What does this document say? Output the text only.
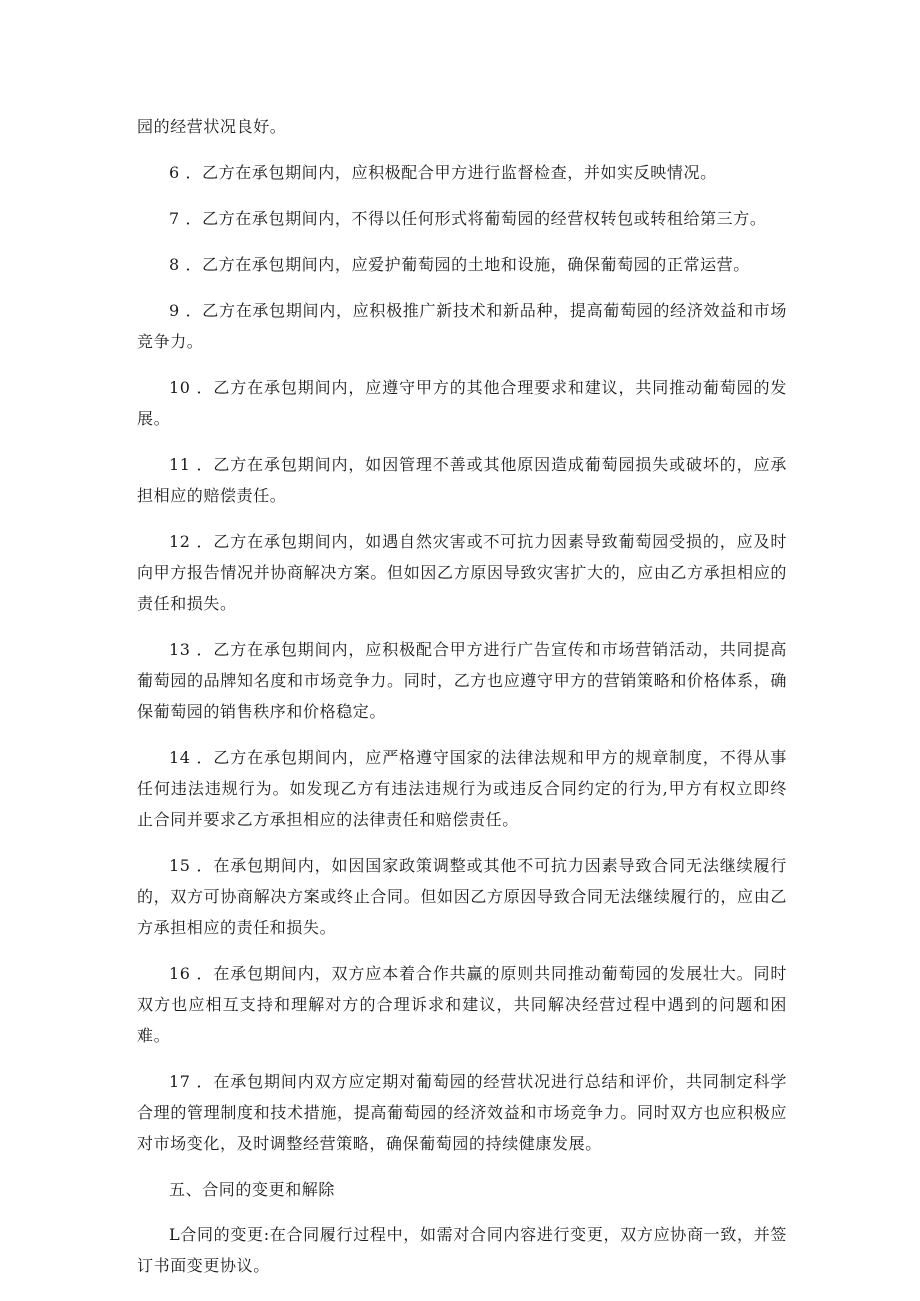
园的经营状况良好。

6 ．乙方在承包期间内，应积极配合甲方进行监督检查，并如实反映情况。

7 ．乙方在承包期间内，不得以任何形式将葡萄园的经营权转包或转租给第三方。

8 ．乙方在承包期间内，应爱护葡萄园的土地和设施，确保葡萄园的正常运营。

9 ．乙方在承包期间内，应积极推广新技术和新品种，提高葡萄园的经济效益和市场竞争力。

10 ．乙方在承包期间内，应遵守甲方的其他合理要求和建议，共同推动葡萄园的发展。

11 ．乙方在承包期间内，如因管理不善或其他原因造成葡萄园损失或破坏的，应承担相应的赔偿责任。

12 ．乙方在承包期间内，如遇自然灾害或不可抗力因素导致葡萄园受损的，应及时向甲方报告情况并协商解决方案。但如因乙方原因导致灾害扩大的，应由乙方承担相应的责任和损失。

13 ．乙方在承包期间内，应积极配合甲方进行广告宣传和市场营销活动，共同提高葡萄园的品牌知名度和市场竞争力。同时，乙方也应遵守甲方的营销策略和价格体系，确保葡萄园的销售秩序和价格稳定。

14 ．乙方在承包期间内，应严格遵守国家的法律法规和甲方的规章制度，不得从事任何违法违规行为。如发现乙方有违法违规行为或违反合同约定的行为,甲方有权立即终止合同并要求乙方承担相应的法律责任和赔偿责任。

15 ．在承包期间内，如因国家政策调整或其他不可抗力因素导致合同无法继续履行的，双方可协商解决方案或终止合同。但如因乙方原因导致合同无法继续履行的，应由乙方承担相应的责任和损失。

16 ．在承包期间内，双方应本着合作共赢的原则共同推动葡萄园的发展壮大。同时双方也应相互支持和理解对方的合理诉求和建议，共同解决经营过程中遇到的问题和困难。

17 ．在承包期间内双方应定期对葡萄园的经营状况进行总结和评价，共同制定科学合理的管理制度和技术措施，提高葡萄园的经济效益和市场竞争力。同时双方也应积极应对市场变化，及时调整经营策略，确保葡萄园的持续健康发展。

五、合同的变更和解除

L合同的变更:在合同履行过程中，如需对合同内容进行变更，双方应协商一致，并签订书面变更协议。
